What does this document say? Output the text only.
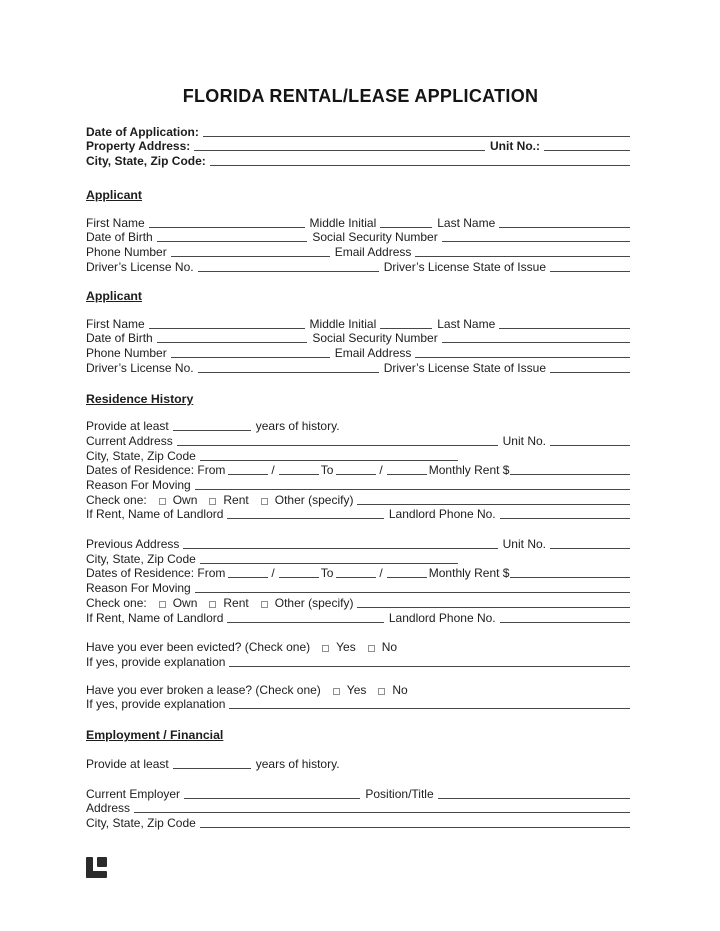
FLORIDA RENTAL/LEASE APPLICATION
Date of Application:
Property Address:	Unit No.:
City, State, Zip Code:
Applicant
First Name	Middle Initial	Last Name
Date of Birth	Social Security Number
Phone Number	Email Address
Driver’s License No.	Driver’s License State of Issue
Applicant
First Name	Middle Initial	Last Name
Date of Birth	Social Security Number
Phone Number	Email Address
Driver’s License No.	Driver’s License State of Issue
Residence History
Provide at least	years of history.
Current Address	Unit No.
City, State, Zip Code
Dates of Residence: From	/	To	/	Monthly Rent $
Reason For Moving
Check one: Own Rent Other (specify)
If Rent, Name of Landlord	Landlord Phone No.
Previous Address	Unit No.
City, State, Zip Code
Dates of Residence: From	/	To	/	Monthly Rent $
Reason For Moving
Check one: Own Rent Other (specify)
If Rent, Name of Landlord	Landlord Phone No.
Have you ever been evicted? (Check one) Yes No
If yes, provide explanation
Have you ever broken a lease? (Check one) Yes No
If yes, provide explanation
Employment / Financial
Provide at least	years of history.
Current Employer	Position/Title
Address
City, State, Zip Code
